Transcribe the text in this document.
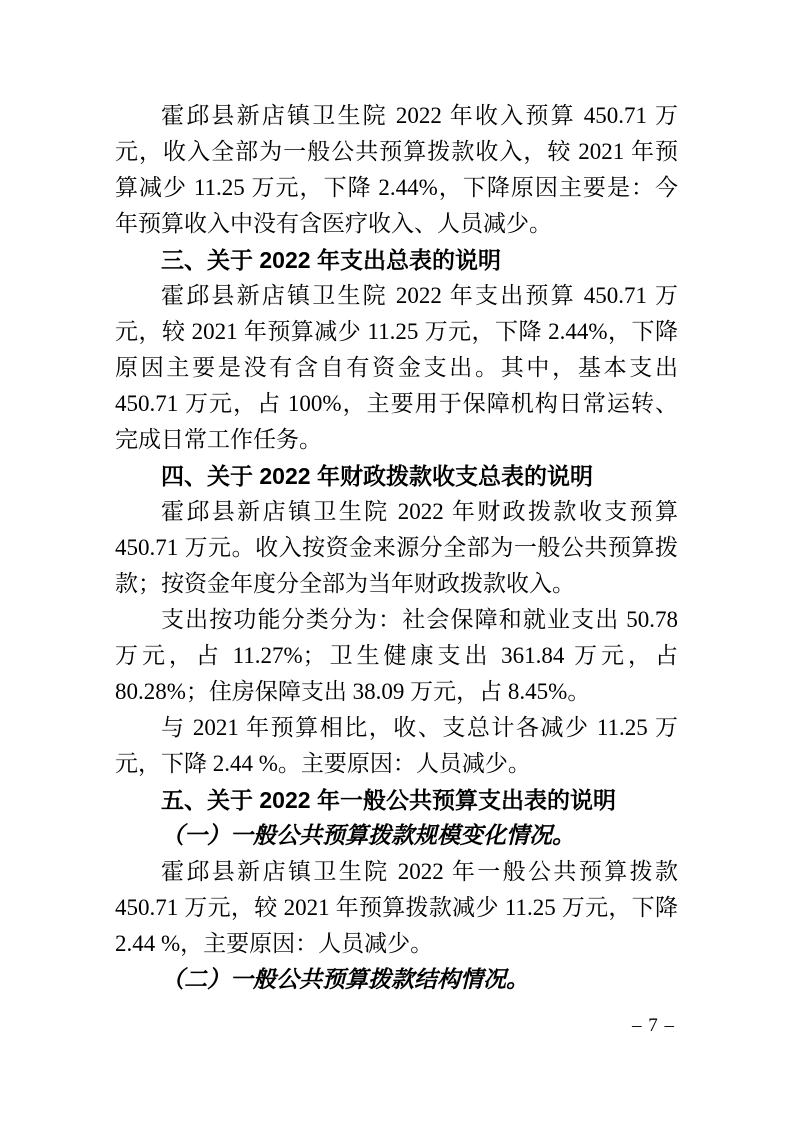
霍邱县新店镇卫生院 2022 年收入预算 450.71 万元，收入全部为一般公共预算拨款收入，较 2021 年预算减少 11.25 万元，下降 2.44%，下降原因主要是：今年预算收入中没有含医疗收入、人员减少。

三、关于 2022 年支出总表的说明

霍邱县新店镇卫生院 2022 年支出预算 450.71 万元，较 2021 年预算减少 11.25 万元，下降 2.44%，下降原因主要是没有含自有资金支出。其中，基本支出 450.71 万元，占 100%，主要用于保障机构日常运转、完成日常工作任务。

四、关于 2022 年财政拨款收支总表的说明

霍邱县新店镇卫生院 2022 年财政拨款收支预算 450.71 万元。收入按资金来源分全部为一般公共预算拨款；按资金年度分全部为当年财政拨款收入。

支出按功能分类分为：社会保障和就业支出 50.78 万元，占 11.27%；卫生健康支出 361.84 万元，占 80.28%；住房保障支出 38.09 万元，占 8.45%。

与 2021 年预算相比，收、支总计各减少 11.25 万元，下降 2.44 %。主要原因：人员减少。

五、关于 2022 年一般公共预算支出表的说明

（一）一般公共预算拨款规模变化情况。

霍邱县新店镇卫生院 2022 年一般公共预算拨款 450.71 万元，较 2021 年预算拨款减少 11.25 万元，下降 2.44 %，主要原因：人员减少。

（二）一般公共预算拨款结构情况。

– 7 –
